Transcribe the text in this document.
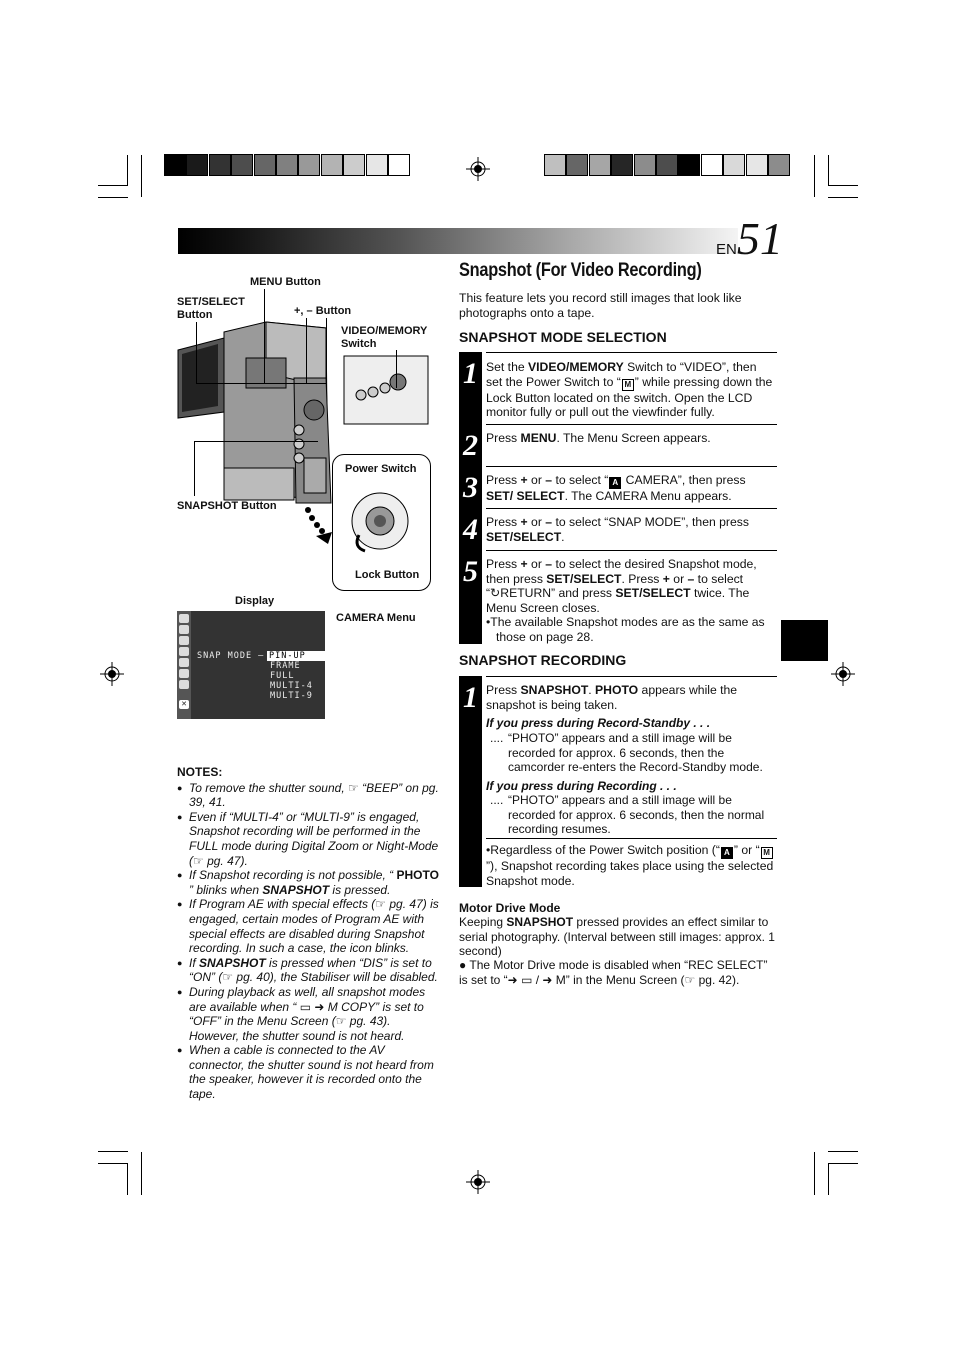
EN51
Snapshot (For Video Recording)
This feature lets you record still images that look like photographs onto a tape.
SNAPSHOT MODE SELECTION
1 Set the VIDEO/MEMORY Switch to “VIDEO”, then set the Power Switch to “ M ” while pressing down the Lock Button located on the switch. Open the LCD monitor fully or pull out the viewfinder fully.
2 Press MENU. The Menu Screen appears.
3 Press + or – to select “ A CAMERA”, then press SET/ SELECT. The CAMERA Menu appears.
4 Press + or – to select “SNAP MODE”, then press SET/SELECT.
5 Press + or – to select the desired Snapshot mode, then press SET/SELECT. Press + or – to select “↻RETURN” and press SET/SELECT twice. The Menu Screen closes.
•The available Snapshot modes are as the same as those on page 28.
SNAPSHOT RECORDING
1 Press SNAPSHOT. PHOTO appears while the snapshot is being taken.
If you press during Record-Standby . . .
.... “PHOTO” appears and a still image will be recorded for approx. 6 seconds, then the camcorder re-enters the Record-Standby mode.
If you press during Recording . . .
.... “PHOTO” appears and a still image will be recorded for approx. 6 seconds, then the normal recording resumes.
•Regardless of the Power Switch position (“ A ” or “ M”), Snapshot recording takes place using the selected Snapshot mode.
Motor Drive Mode
Keeping SNAPSHOT pressed provides an effect similar to serial photography. (Interval between still images: approx. 1 second)
● The Motor Drive mode is disabled when “REC SELECT” is set to “➜ ▭ / ➜ M” in the Menu Screen (☞ pg. 42).
MENU Button
SET/SELECT Button	+, – Button
VIDEO/MEMORY Switch
Power Switch
SNAPSHOT Button
Lock Button
Display
CAMERA Menu
✕
SNAP MODE – PIN-UP
FRAME
FULL
MULTI-4
MULTI-9
NOTES:
● To remove the shutter sound, ☞ “BEEP” on pg. 39, 41.
● Even if “MULTI-4” or “MULTI-9” is engaged, Snapshot recording will be performed in the FULL mode during Digital Zoom or Night-Mode (☞ pg. 47).
● If Snapshot recording is not possible, “ PHOTO ” blinks when SNAPSHOT is pressed.
● If Program AE with special effects (☞ pg. 47) is engaged, certain modes of Program AE with special effects are disabled during Snapshot recording. In such a case, the icon blinks.
● If SNAPSHOT is pressed when “DIS” is set to “ON” (☞ pg. 40), the Stabiliser will be disabled.
● During playback as well, all snapshot modes are available when “ ▭ ➜ M COPY” is set to “OFF” in the Menu Screen (☞ pg. 43). However, the shutter sound is not heard.
● When a cable is connected to the AV connector, the shutter sound is not heard from the speaker, however it is recorded onto the tape.
